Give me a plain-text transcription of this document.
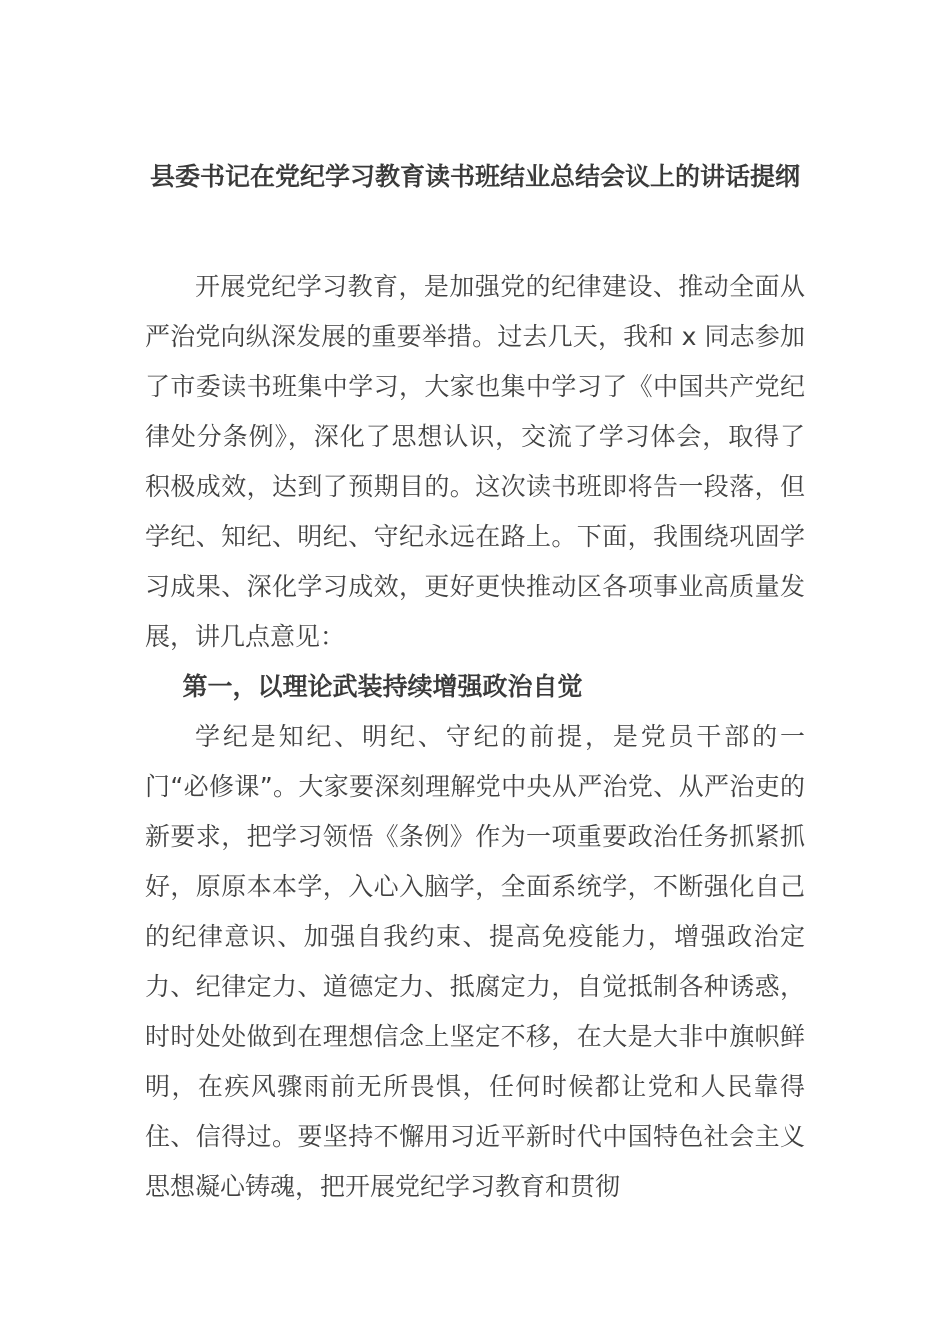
县委书记在党纪学习教育读书班结业总结会议上的讲话提纲

开展党纪学习教育，是加强党的纪律建设、推动全面从严治党向纵深发展的重要举措。过去几天，我和 x 同志参加了市委读书班集中学习，大家也集中学习了《中国共产党纪律处分条例》，深化了思想认识，交流了学习体会，取得了积极成效，达到了预期目的。这次读书班即将告一段落，但学纪、知纪、明纪、守纪永远在路上。下面，我围绕巩固学习成果、深化学习成效，更好更快推动区各项事业高质量发展，讲几点意见：

第一，以理论武装持续增强政治自觉

学纪是知纪、明纪、守纪的前提，是党员干部的一门“必修课”。大家要深刻理解党中央从严治党、从严治吏的新要求，把学习领悟《条例》作为一项重要政治任务抓紧抓好，原原本本学，入心入脑学，全面系统学，不断强化自己的纪律意识、加强自我约束、提高免疫能力，增强政治定力、纪律定力、道德定力、抵腐定力，自觉抵制各种诱惑，时时处处做到在理想信念上坚定不移，在大是大非中旗帜鲜明，在疾风骤雨前无所畏惧，任何时候都让党和人民靠得住、信得过。要坚持不懈用习近平新时代中国特色社会主义思想凝心铸魂，把开展党纪学习教育和贯彻
